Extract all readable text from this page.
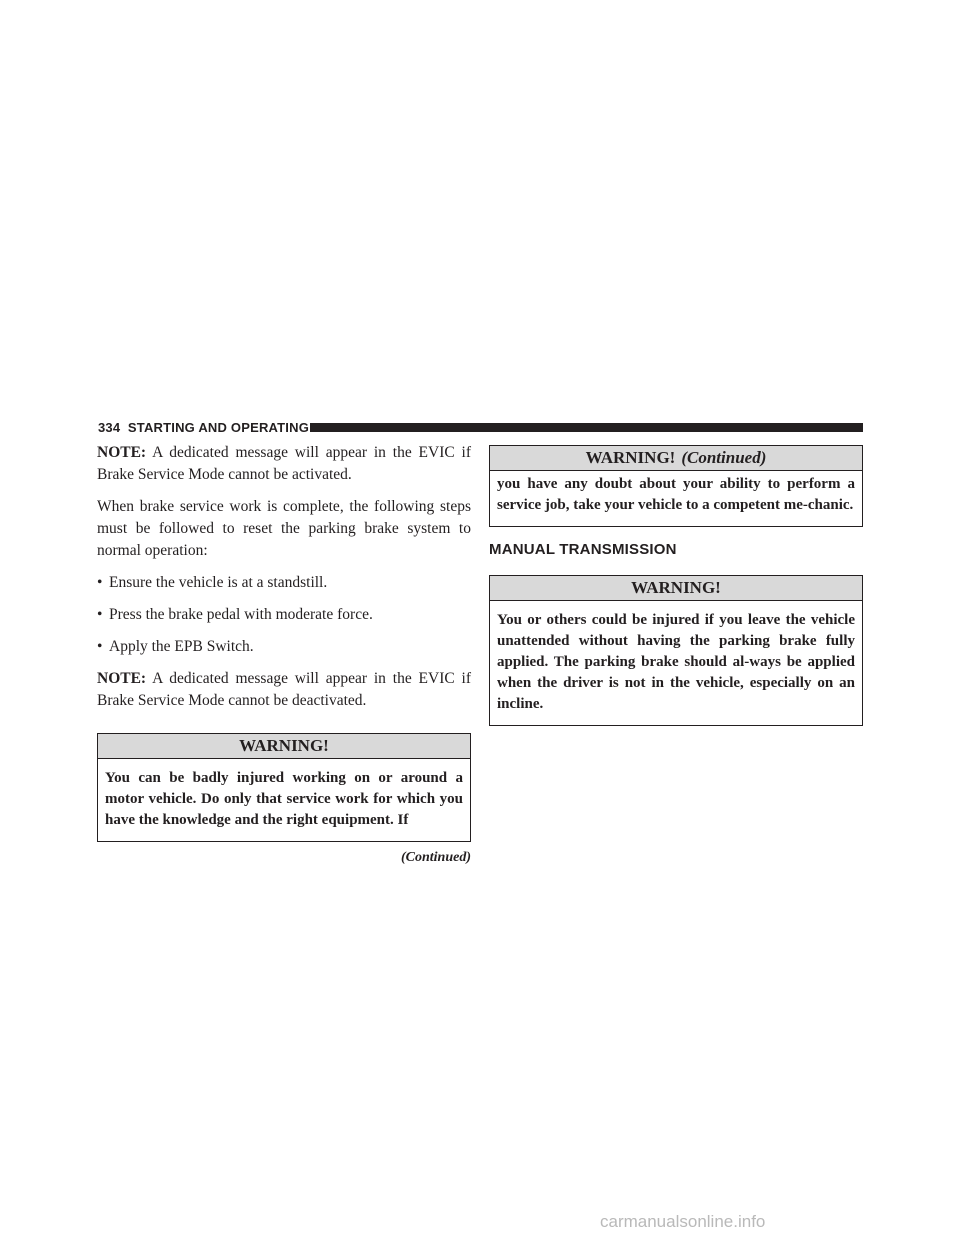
334 STARTING AND OPERATING

NOTE: A dedicated message will appear in the EVIC if Brake Service Mode cannot be activated.

When brake service work is complete, the following steps must be followed to reset the parking brake system to normal operation:

• Ensure the vehicle is at a standstill.
• Press the brake pedal with moderate force.
• Apply the EPB Switch.

NOTE: A dedicated message will appear in the EVIC if Brake Service Mode cannot be deactivated.

WARNING!
You can be badly injured working on or around a motor vehicle. Do only that service work for which you have the knowledge and the right equipment. If
(Continued)
WARNING! (Continued)
you have any doubt about your ability to perform a service job, take your vehicle to a competent me-chanic.
MANUAL TRANSMISSION
WARNING!
You or others could be injured if you leave the vehicle unattended without having the parking brake fully applied. The parking brake should al-ways be applied when the driver is not in the vehicle, especially on an incline.
carmanualsonline.info
